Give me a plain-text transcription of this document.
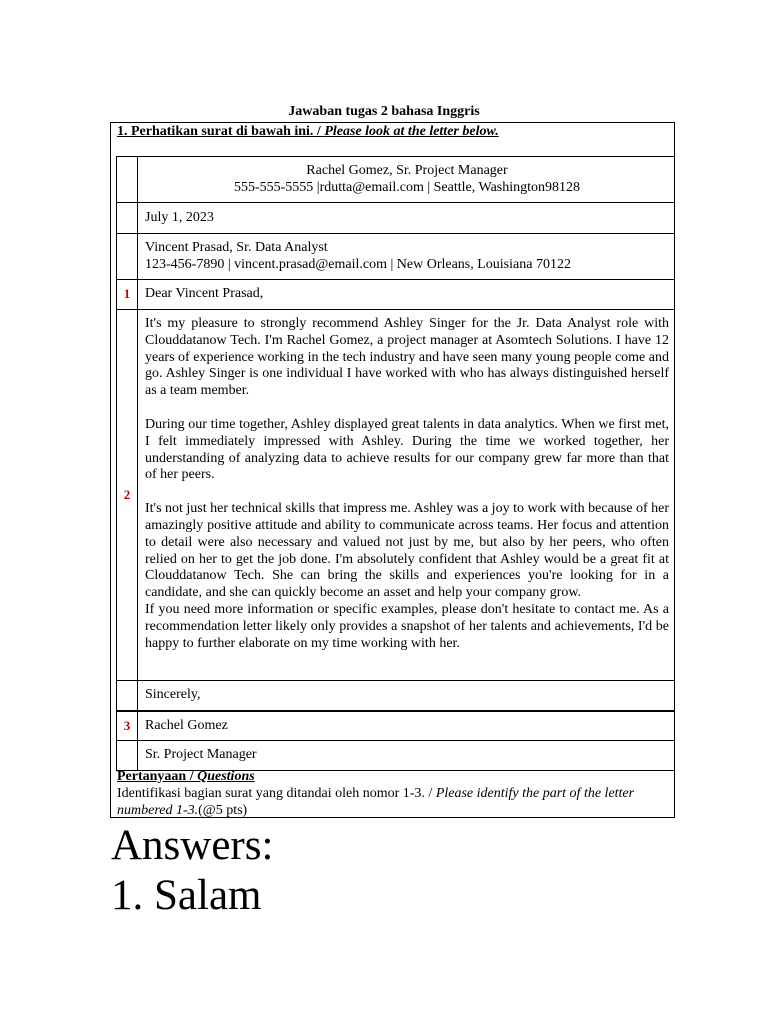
Jawaban tugas 2 bahasa Inggris
1. Perhatikan surat di bawah ini. / Please look at the letter below.

	Rachel Gomez, Sr. Project Manager
555-555-5555 |rdutta@email.com | Seattle, Washington98128

	July 1, 2023

	Vincent Prasad, Sr. Data Analyst
123-456-7890 | vincent.prasad@email.com | New Orleans, Louisiana 70122

1	Dear Vincent Prasad,
2	It's my pleasure to strongly recommend Ashley Singer for the Jr. Data Analyst role with Clouddatanow Tech. I'm Rachel Gomez, a project manager at Asomtech Solutions. I have 12 years of experience working in the tech industry and have seen many young people come and go. Ashley Singer is one individual I have worked with who has always distinguished herself as a team member.

During our time together, Ashley displayed great talents in data analytics. When we first met, I felt immediately impressed with Ashley. During the time we worked together, her understanding of analyzing data to achieve results for our company grew far more than that of her peers.

It's not just her technical skills that impress me. Ashley was a joy to work with because of her amazingly positive attitude and ability to communicate across teams. Her focus and attention to detail were also necessary and valued not just by me, but also by her peers, who often relied on her to get the job done. I'm absolutely confident that Ashley would be a great fit at Clouddatanow Tech. She can bring the skills and experiences you're looking for in a candidate, and she can quickly become an asset and help your company grow.

If you need more information or specific examples, please don't hesitate to contact me. As a recommendation letter likely only provides a snapshot of her talents and achievements, I'd be happy to further elaborate on my time working with her.

	Sincerely,
3	Rachel Gomez
	Sr. Project Manager
Pertanyaan / Questions
Identifikasi bagian surat yang ditandai oleh nomor 1-3. / Please identify the part of the letter numbered 1-3.(@5 pts)
Answers:
1. Salam
